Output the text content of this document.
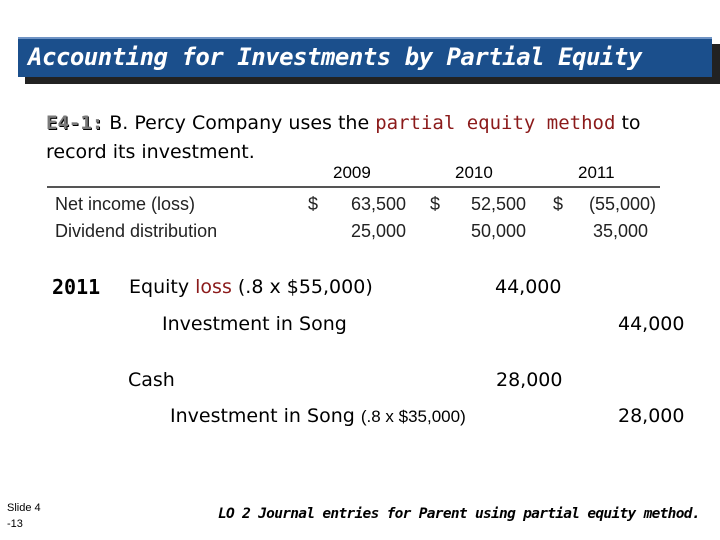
Accounting for Investments by Partial Equity
E4-1: B. Percy Company uses the partial equity method to
record its investment.
2009	2010	2011
Net income (loss)	$	63,500 $	52,500 $	(55,000)
Dividend distribution	25,000	50,000	35,000
2011 Equity loss (.8 x $55,000)	44,000
Investment in Song	44,000
Cash	28,000
Investment in Song (.8 x $35,000)	28,000
Slide 4
-13
LO 2 Journal entries for Parent using partial equity method.
